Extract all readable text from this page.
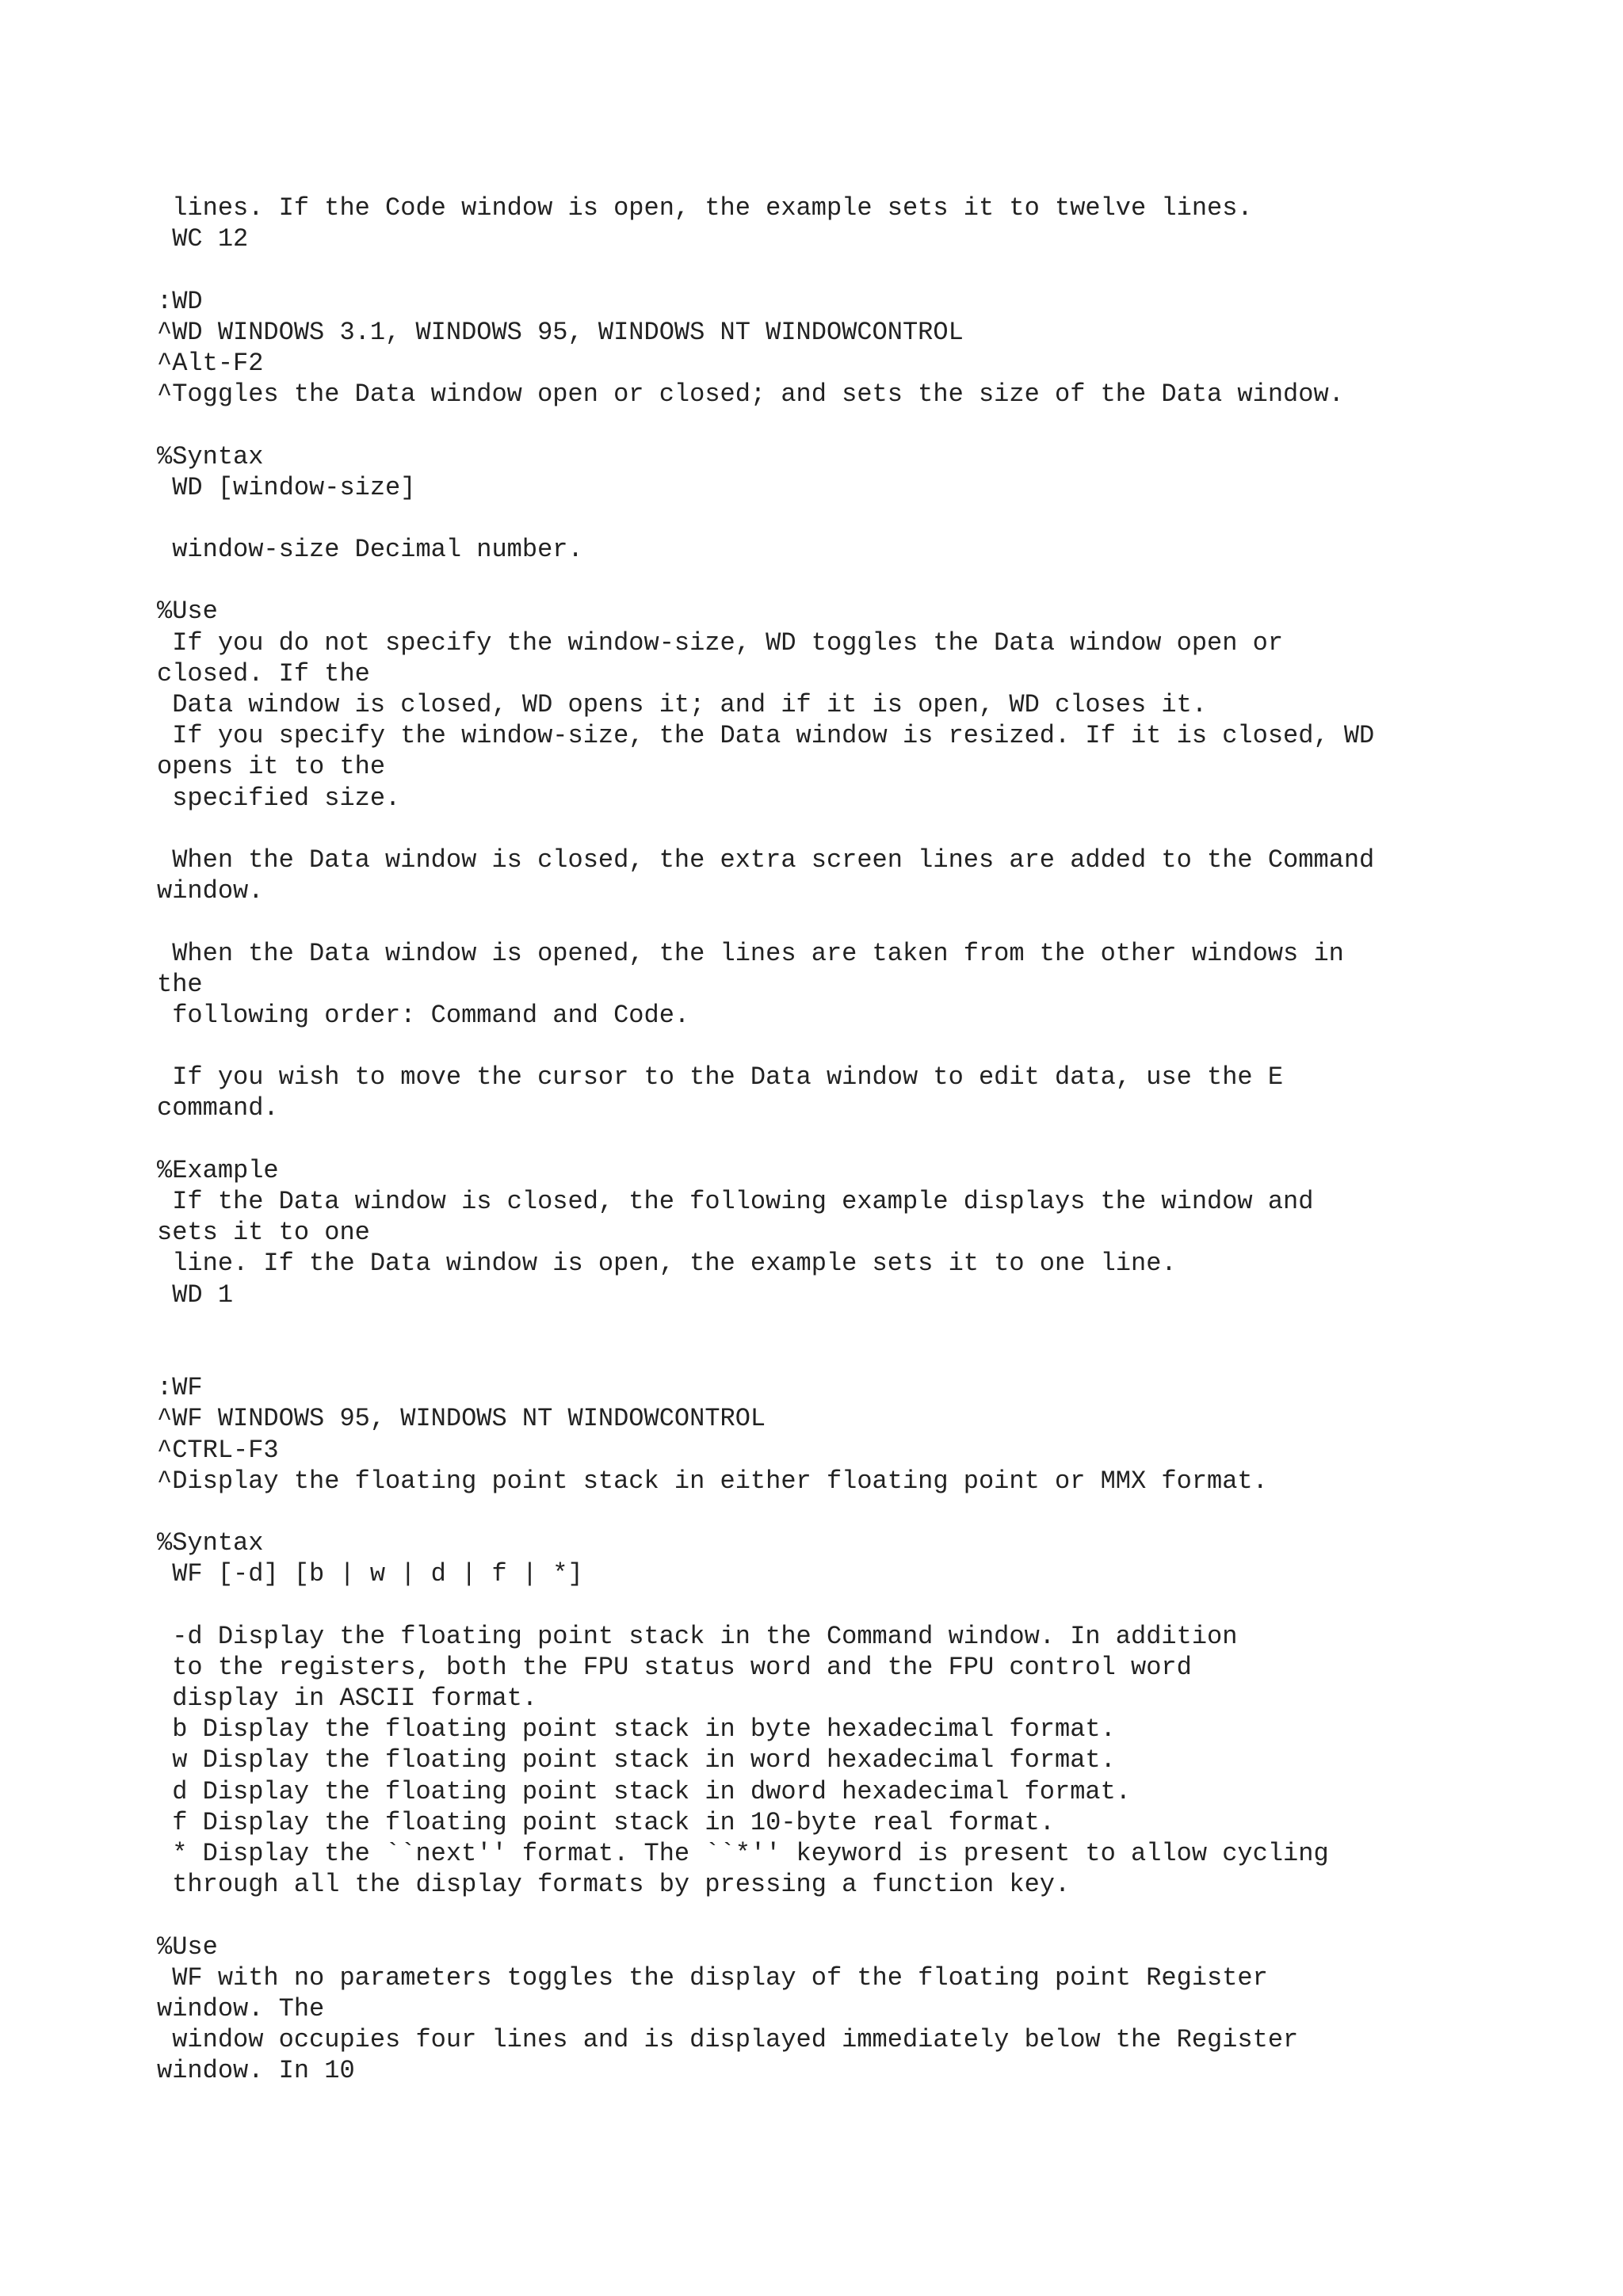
lines. If the Code window is open, the example sets it to twelve lines.
WC 12
:WD
^WD WINDOWS 3.1, WINDOWS 95, WINDOWS NT WINDOWCONTROL
^Alt-F2
^Toggles the Data window open or closed; and sets the size of the Data window.
%Syntax
WD [window-size]
window-size Decimal number.
%Use
If you do not specify the window-size, WD toggles the Data window open or
closed. If the
Data window is closed, WD opens it; and if it is open, WD closes it.
If you specify the window-size, the Data window is resized. If it is closed, WD
opens it to the
specified size.
When the Data window is closed, the extra screen lines are added to the Command
window.
When the Data window is opened, the lines are taken from the other windows in
the
following order: Command and Code.
If you wish to move the cursor to the Data window to edit data, use the E
command.
%Example
If the Data window is closed, the following example displays the window and
sets it to one
line. If the Data window is open, the example sets it to one line.
WD 1
:WF
^WF WINDOWS 95, WINDOWS NT WINDOWCONTROL
^CTRL-F3
^Display the floating point stack in either floating point or MMX format.
%Syntax
WF [-d] [b | w | d | f | *]
-d Display the floating point stack in the Command window. In addition
to the registers, both the FPU status word and the FPU control word
display in ASCII format.
b Display the floating point stack in byte hexadecimal format.
w Display the floating point stack in word hexadecimal format.
d Display the floating point stack in dword hexadecimal format.
f Display the floating point stack in 10-byte real format.
* Display the ``next'' format. The ``*'' keyword is present to allow cycling
through all the display formats by pressing a function key.
%Use
WF with no parameters toggles the display of the floating point Register
window. The
window occupies four lines and is displayed immediately below the Register
window. In 10
